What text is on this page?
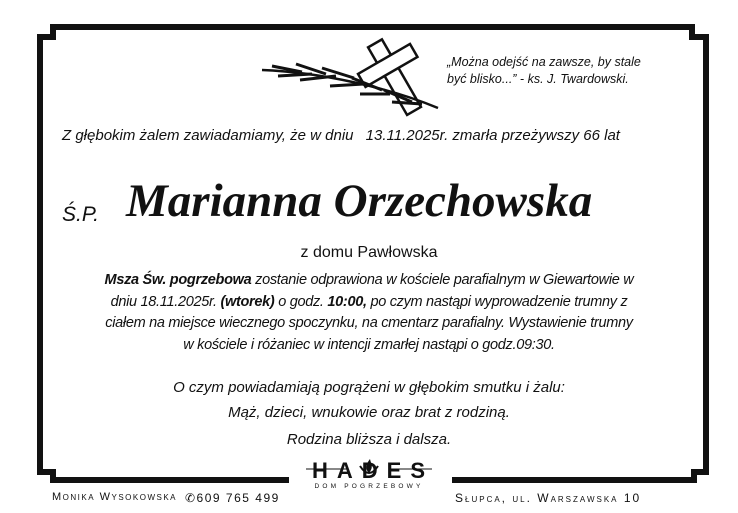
„Można odejść na zawsze, by stale
być blisko...” - ks. J. Twardowski.
Z głębokim żalem zawiadamiamy, że w dniu 13.11.2025r. zmarła przeżywszy 66 lat
Ś.P. Marianna Orzechowska
z domu Pawłowska
Msza Św. pogrzebowa zostanie odprawiona w kościele parafialnym w Giewartowie w
dniu 18.11.2025r. (wtorek) o godz. 10:00, po czym nastąpi wyprowadzenie trumny z
ciałem na miejsce wiecznego spoczynku, na cmentarz parafialny. Wystawienie trumny
w kościele i różaniec w intencji zmarłej nastąpi o godz.09:30.
O czym powiadamiają pogrążeni w głębokim smutku i żalu:
Mąż, dzieci, wnukowie oraz brat z rodziną.
Rodzina bliższa i dalsza.
Monika Wysokowska ✆609 765 499
HADES
DOM POGRZEBOWY
Słupca, ul. Warszawska 10
